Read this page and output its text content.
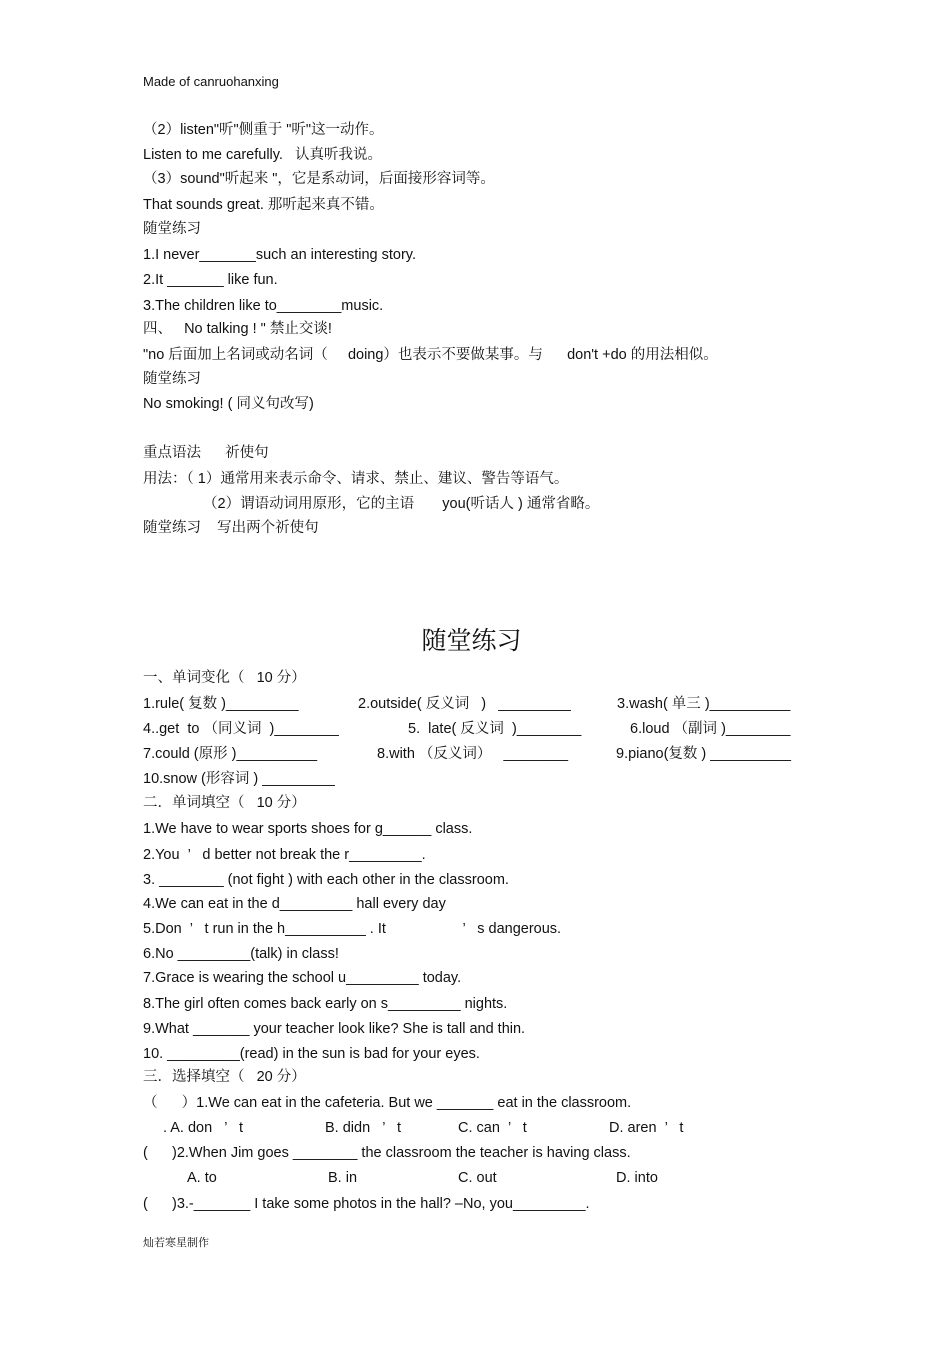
Made of canruohanxing
（2）listen"听"侧重于 "听"这一动作。
Listen to me carefully.   认真听我说。
（3）sound"听起来 "，它是系动词，后面接形容词等。
That sounds great. 那听起来真不错。
随堂练习
1.I never_______such an interesting story.
2.It _______ like fun.
3.The children like to________music.
四、   No talking ! " 禁止交谈!
"no 后面加上名词或动名词（     doing）也表示不要做某事。与      don't +do 的用法相似。
随堂练习
No smoking! ( 同义句改写)
重点语法      祈使句
用法：（ 1）通常用来表示命令、请求、禁止、建议、警告等语气。
（2）谓语动词用原形，它的主语       you(听话人 ) 通常省略。
随堂练习    写出两个祈使句
随堂练习
一、单词变化（   10 分）
1.rule( 复数 )_________	2.outside( 反义词   )   _________	3.wash( 单三 )__________
4..get  to （同义词  )________	5.  late( 反义词  )________	6.loud （副词 )________
7.could (原形 )__________	8.with （反义词）   ________	9.piano(复数 ) __________
10.snow (形容词 ) _________
二．单词填空（   10 分）
1.We have to wear sports shoes for g______ class.
2.You  ’   d better not break the r_________.
3. ________ (not fight ) with each other in the classroom.
4.We can eat in the d_________ hall every day
5.Don  ’   t run in the h__________ . It                   ’   s dangerous.
6.No _________(talk) in class!
7.Grace is wearing the school u_________ today.
8.The girl often comes back early on s_________ nights.
9.What _______ your teacher look like? She is tall and thin.
10. _________(read) in the sun is bad for your eyes.
三．选择填空（   20 分）
（      ）1.We can eat in the cafeteria. But we _______ eat in the classroom.
. A. don   ’   t	B. didn   ’   t	C. can  ’   t	D. aren  ’   t
(      )2.When Jim goes ________ the classroom the teacher is having class.
A. to	B. in	C. out	D. into
(      )3.-_______ I take some photos in the hall? –No, you_________.
灿若寒星制作
